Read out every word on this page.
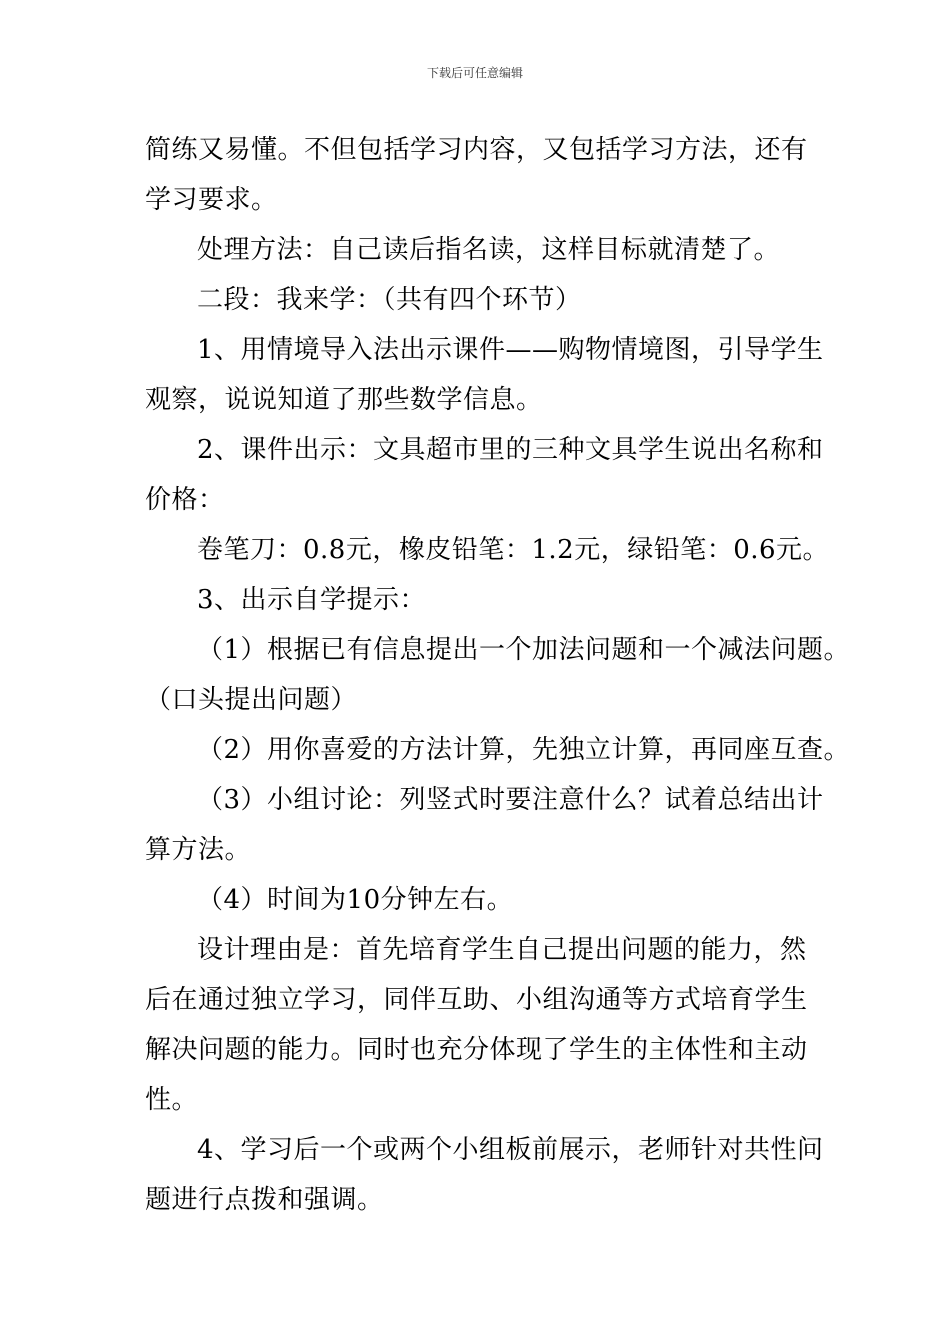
下载后可任意编辑
简练又易懂。不但包括学习内容，又包括学习方法，还有
学习要求。
处理方法：自己读后指名读，这样目标就清楚了。
二段：我来学：（共有四个环节）
1、用情境导入法出示课件——购物情境图，引导学生
观察，说说知道了那些数学信息。
2、课件出示：文具超市里的三种文具学生说出名称和
价格：
卷笔刀：0.8元，橡皮铅笔：1.2元，绿铅笔：0.6元。
3、出示自学提示：
（1）根据已有信息提出一个加法问题和一个减法问题。
（口头提出问题）
（2）用你喜爱的方法计算，先独立计算，再同座互查。
（3）小组讨论：列竖式时要注意什么？试着总结出计
算方法。
（4）时间为10分钟左右。
设计理由是：首先培育学生自己提出问题的能力，然
后在通过独立学习，同伴互助、小组沟通等方式培育学生
解决问题的能力。同时也充分体现了学生的主体性和主动
性。
4、学习后一个或两个小组板前展示，老师针对共性问
题进行点拨和强调。
